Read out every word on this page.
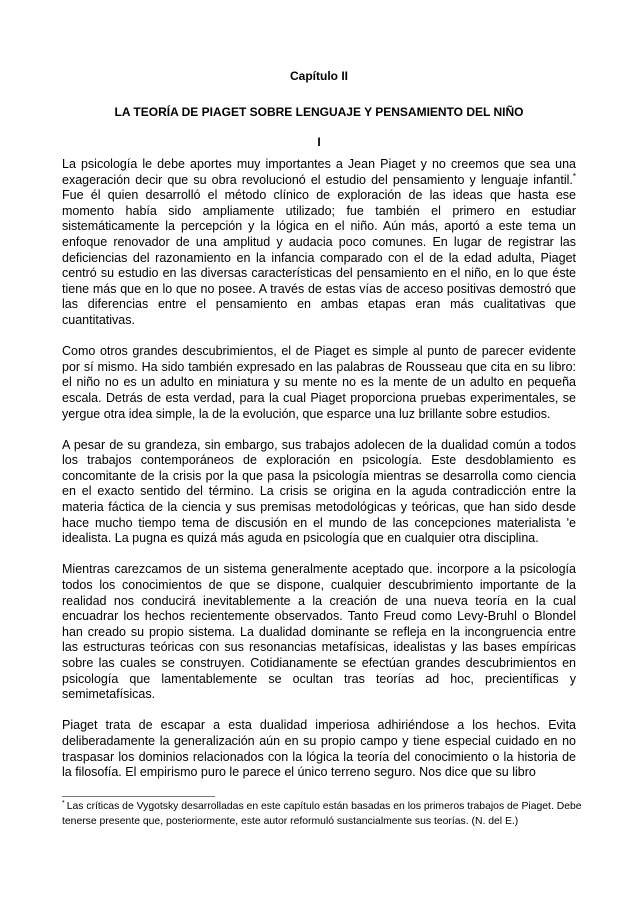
Capítulo II
LA TEORÍA DE PIAGET SOBRE LENGUAJE Y PENSAMIENTO DEL NIÑO
I

La psicología le debe aportes muy importantes a Jean Piaget y no creemos que sea una exageración decir que su obra revolucionó el estudio del pensamiento y lenguaje infantil.* Fue él quien desarrolló el método clínico de exploración de las ideas que hasta ese momento había sido ampliamente utilizado; fue también el primero en estudiar sistemáticamente la percepción y la lógica en el niño. Aún más, aportó a este tema un enfoque renovador de una amplitud y audacia poco comunes. En lugar de registrar las deficiencias del razonamiento en la infancia comparado con el de la edad adulta, Piaget centró su estudio en las diversas características del pensamiento en el niño, en lo que éste tiene más que en lo que no posee. A través de estas vías de acceso positivas demostró que las diferencias entre el pensamiento en ambas etapas eran más cualitativas que cuantitativas.

Como otros grandes descubrimientos, el de Piaget es simple al punto de parecer evidente por sí mismo. Ha sido también expresado en las palabras de Rousseau que cita en su libro: el niño no es un adulto en miniatura y su mente no es la mente de un adulto en pequeña escala. Detrás de esta verdad, para la cual Piaget proporciona pruebas experimentales, se yergue otra idea simple, la de la evolución, que esparce una luz brillante sobre estudios.

A pesar de su grandeza, sin embargo, sus trabajos adolecen de la dualidad común a todos los trabajos contemporáneos de exploración en psicología. Este desdoblamiento es concomitante de la crisis por la que pasa la psicología mientras se desarrolla como ciencia en el exacto sentido del término. La crisis se origina en la aguda contradicción entre la materia fáctica de la ciencia y sus premisas metodológicas y teóricas, que han sido desde hace mucho tiempo tema de discusión en el mundo de las concepciones materialista 'e idealista. La pugna es quizá más aguda en psicología que en cualquier otra disciplina.

Mientras carezcamos de un sistema generalmente aceptado que. incorpore a la psicología todos los conocimientos de que se dispone, cualquier descubrimiento importante de la realidad nos conducirá inevitablemente a la creación de una nueva teoría en la cual encuadrar los hechos recientemente observados. Tanto Freud como Levy-Bruhl o Blondel han creado su propio sistema. La dualidad dominante se refleja en la incongruencia entre las estructuras teóricas con sus resonancias metafísicas, idealistas y las bases empíricas sobre las cuales se construyen. Cotidianamente se efectúan grandes descubrimientos en psicología que lamentablemente se ocultan tras teorías ad hoc, precientíficas y semimetafísicas.

Piaget trata de escapar a esta dualidad imperiosa adhiriéndose a los hechos. Evita deliberadamente la generalización aún en su propio campo y tiene especial cuidado en no traspasar los dominios relacionados con la lógica la teoría del conocimiento o la historia de la filosofía. El empirismo puro le parece el único terreno seguro. Nos dice que su libro

* Las críticas de Vygotsky desarrolladas en este capítulo están basadas en los primeros trabajos de Piaget. Debe tenerse presente que, posteriormente, este autor reformuló sustancialmente sus teorías. (N. del E.)
